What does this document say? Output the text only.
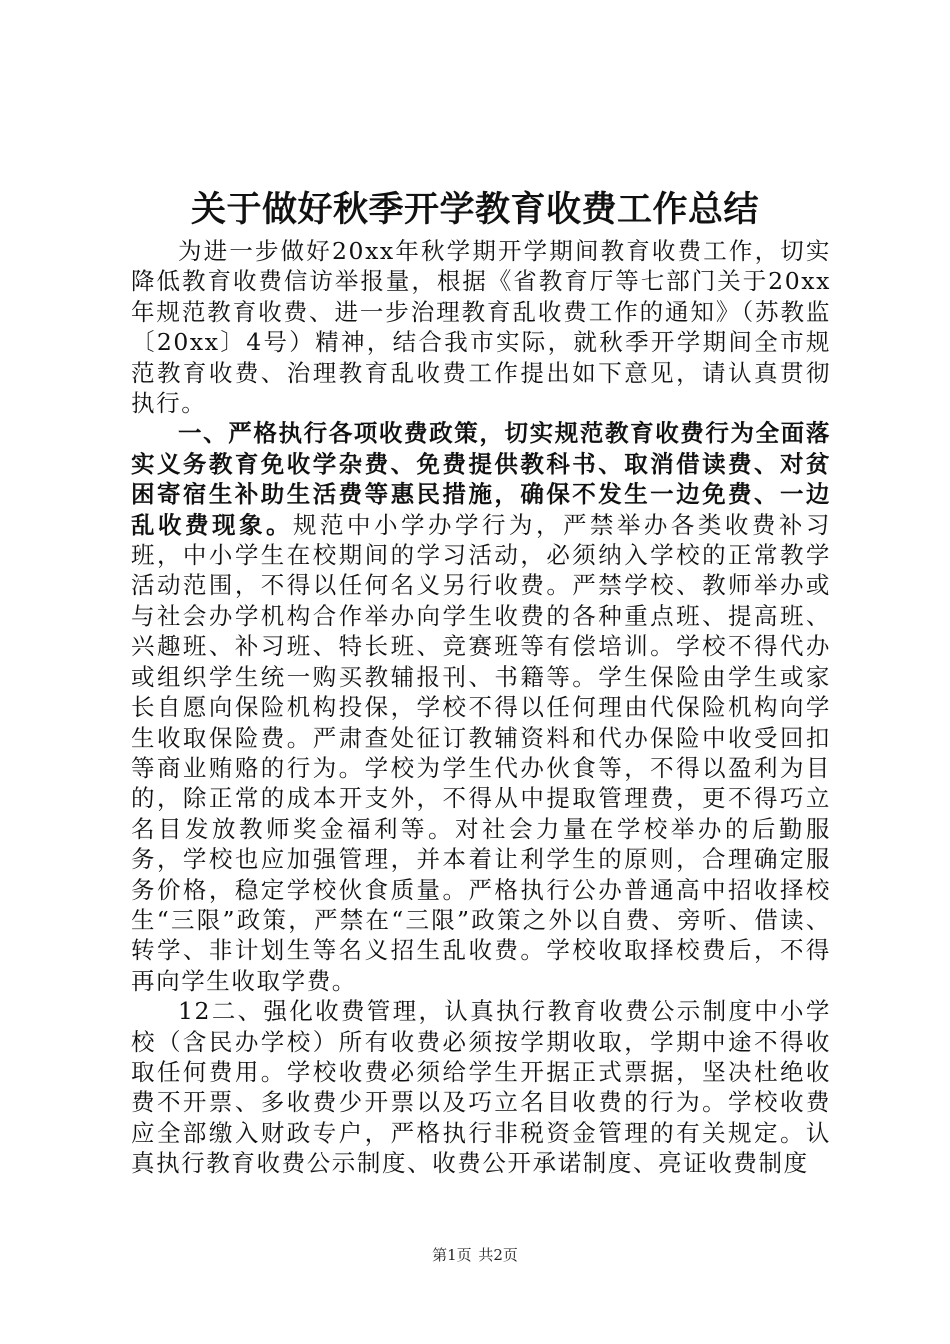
关于做好秋季开学教育收费工作总结

为进一步做好20xx年秋学期开学期间教育收费工作，切实降低教育收费信访举报量，根据《省教育厅等七部门关于20xx年规范教育收费、进一步治理教育乱收费工作的通知》（苏教监〔20xx〕4号）精神，结合我市实际，就秋季开学期间全市规范教育收费、治理教育乱收费工作提出如下意见，请认真贯彻执行。

一、严格执行各项收费政策，切实规范教育收费行为全面落实义务教育免收学杂费、免费提供教科书、取消借读费、对贫困寄宿生补助生活费等惠民措施，确保不发生一边免费、一边乱收费现象。规范中小学办学行为，严禁举办各类收费补习班，中小学生在校期间的学习活动，必须纳入学校的正常教学活动范围，不得以任何名义另行收费。严禁学校、教师举办或与社会办学机构合作举办向学生收费的各种重点班、提高班、兴趣班、补习班、特长班、竞赛班等有偿培训。学校不得代办或组织学生统一购买教辅报刊、书籍等。学生保险由学生或家长自愿向保险机构投保，学校不得以任何理由代保险机构向学生收取保险费。严肃查处征订教辅资料和代办保险中收受回扣等商业贿赂的行为。学校为学生代办伙食等，不得以盈利为目的，除正常的成本开支外，不得从中提取管理费，更不得巧立名目发放教师奖金福利等。对社会力量在学校举办的后勤服务，学校也应加强管理，并本着让利学生的原则，合理确定服务价格，稳定学校伙食质量。严格执行公办普通高中招收择校生“三限”政策，严禁在“三限”政策之外以自费、旁听、借读、转学、非计划生等名义招生乱收费。学校收取择校费后，不得再向学生收取学费。

12二、强化收费管理，认真执行教育收费公示制度中小学校（含民办学校）所有收费必须按学期收取，学期中途不得收取任何费用。学校收费必须给学生开据正式票据，坚决杜绝收费不开票、多收费少开票以及巧立名目收费的行为。学校收费应全部缴入财政专户，严格执行非税资金管理的有关规定。认真执行教育收费公示制度、收费公开承诺制度、亮证收费制度

第1页 共2页
